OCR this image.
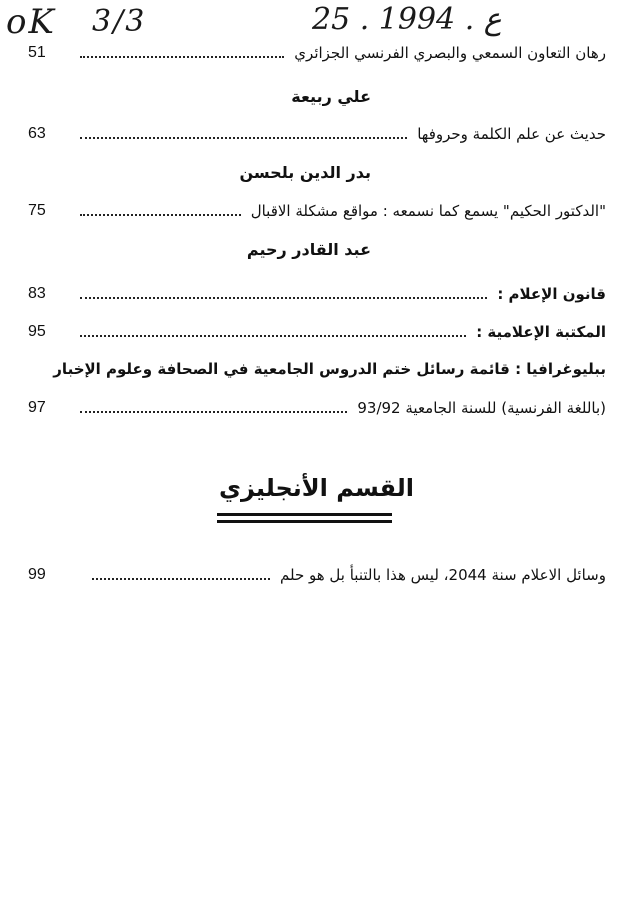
oK 3/3	25 . ع . 1994
رهان التعاون السمعي والبصري الفرنسي الجزائري
51
علي ربيعة
حديث عن علم الكلمة وحروفها
63
بدر الدين بلحسن
"الدكتور الحكيم" يسمع كما نسمعه : مواقع مشكلة الاقبال
75
عبد القادر رحيم
قانون الإعلام :
83
المكتبة الإعلامية :
95
ببليوغرافيا : قائمة رسائل ختم الدروس الجامعية في الصحافة وعلوم الإخبار
(باللغة الفرنسية) للسنة الجامعية 93/92
97
القسم الأنجليزي
وسائل الاعلام سنة 2044، ليس هذا بالتنبأ بل هو حلم
99
